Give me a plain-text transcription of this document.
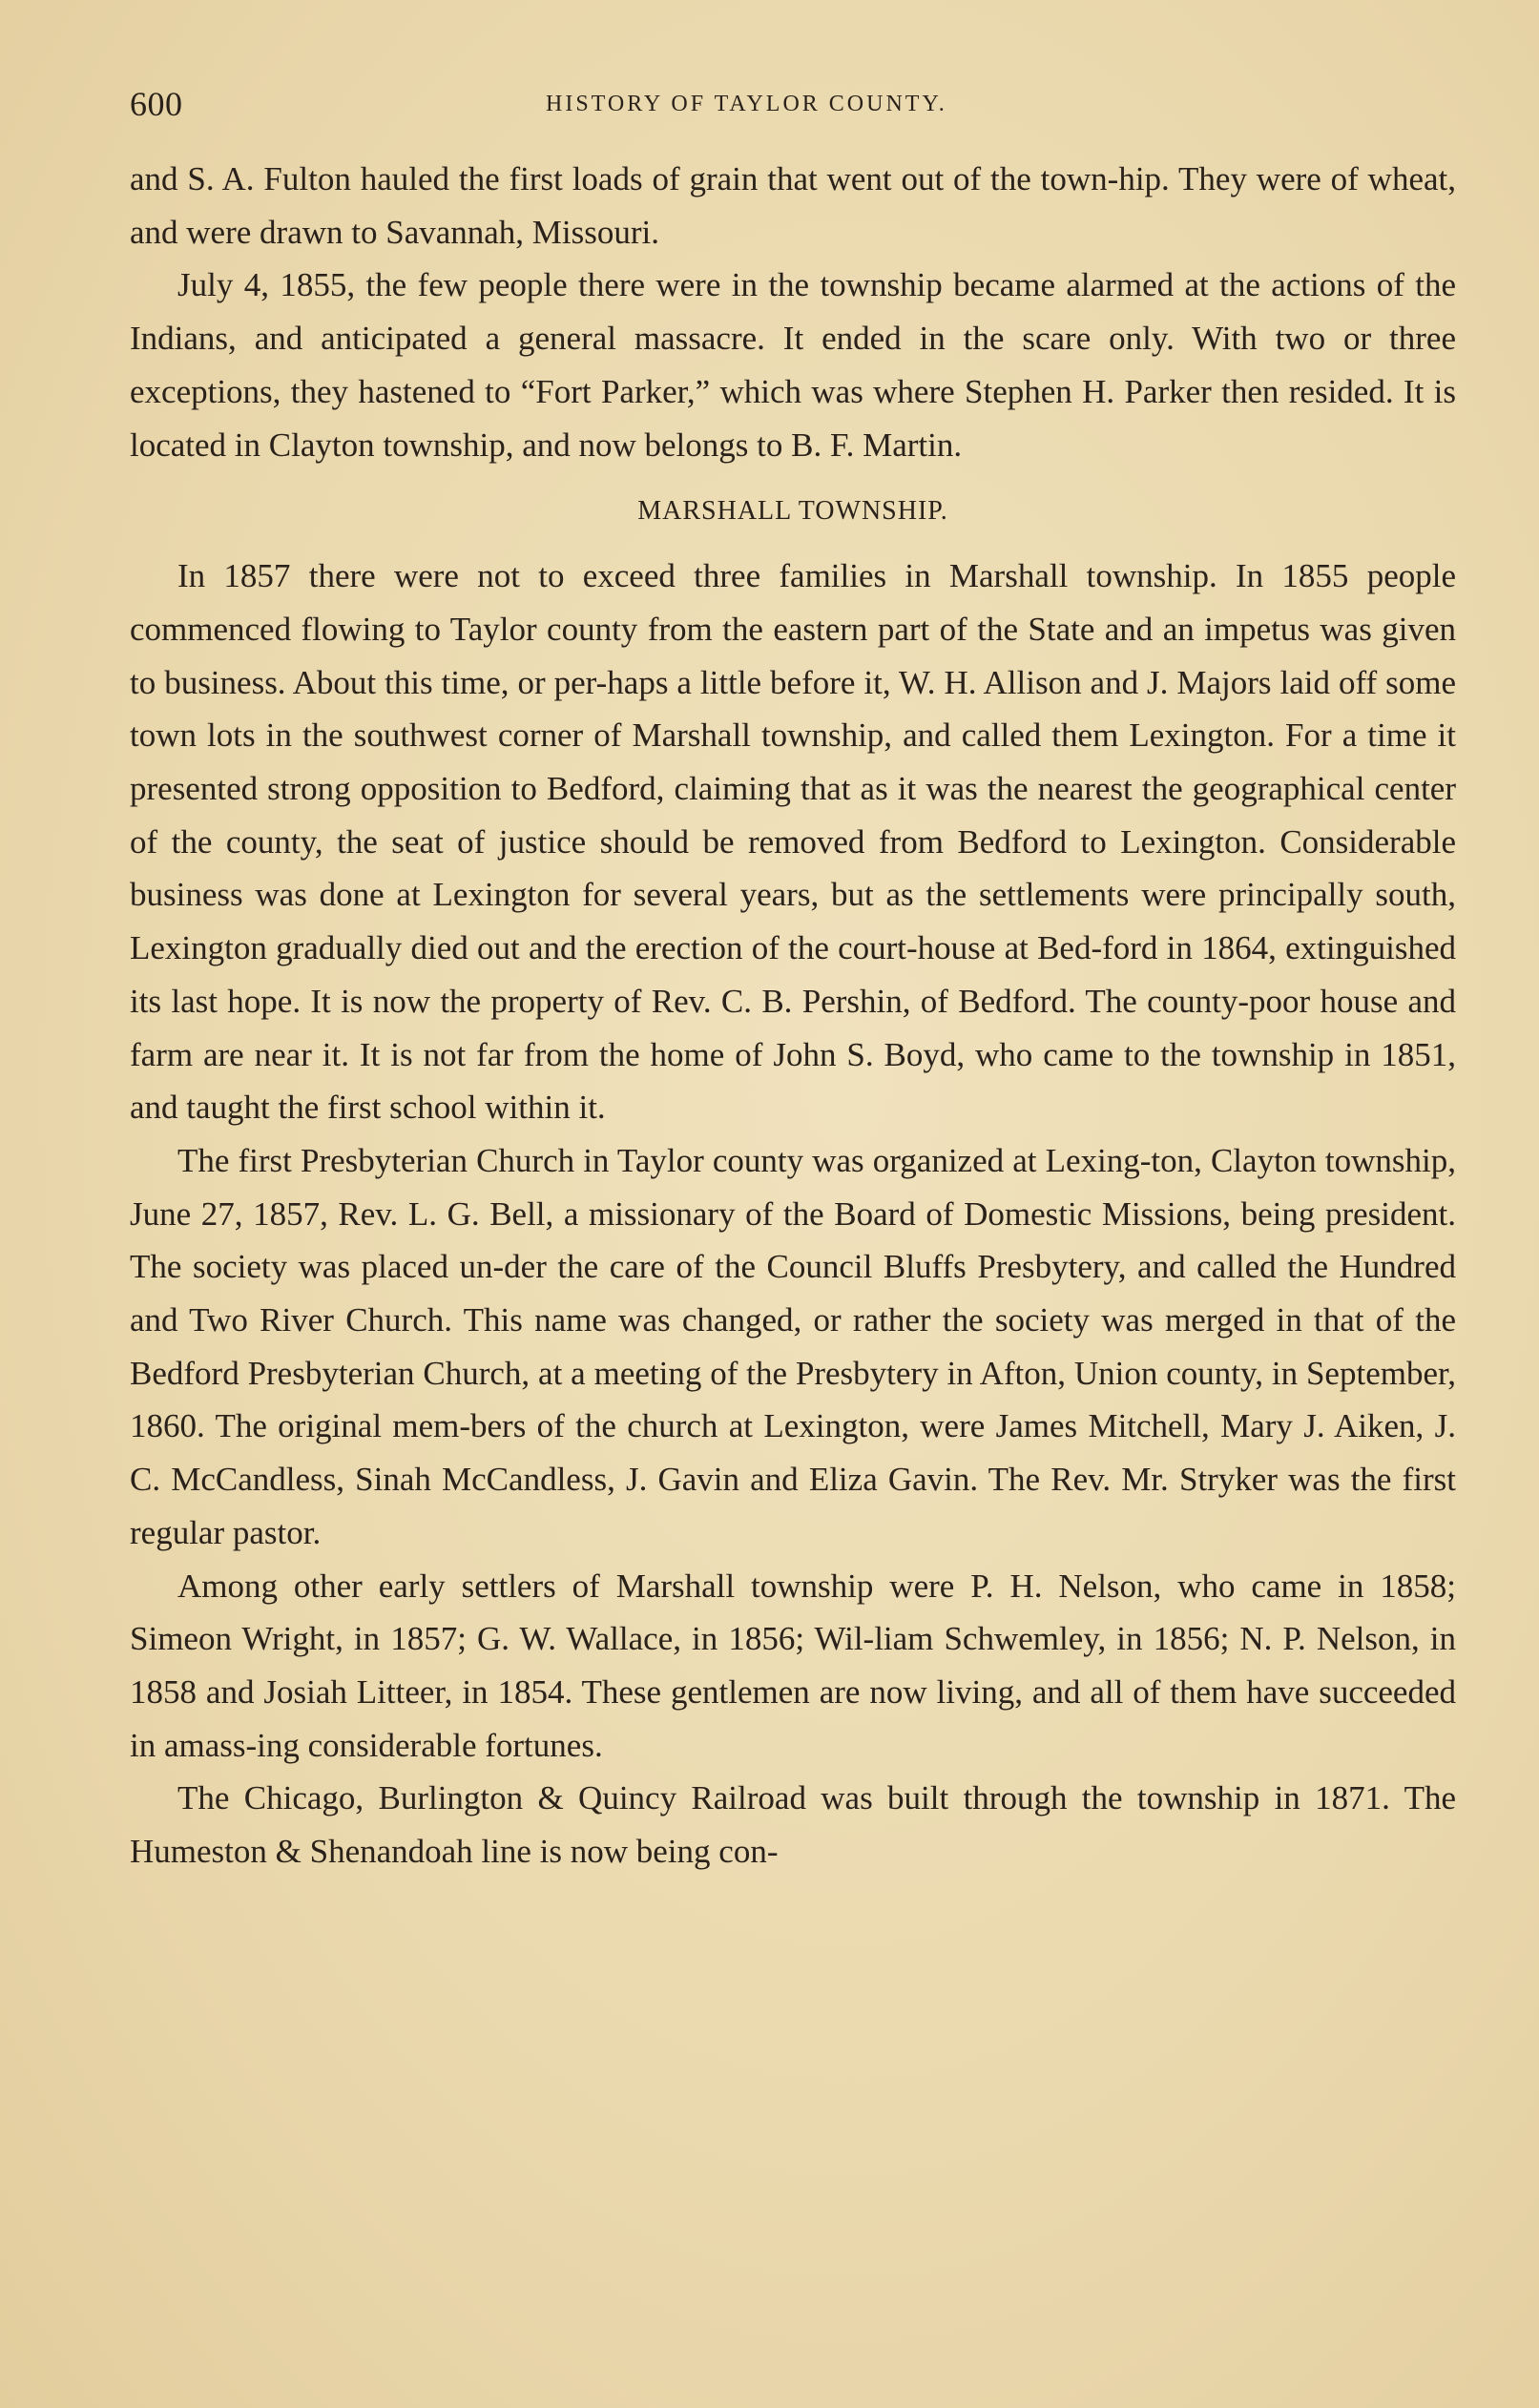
600	HISTORY OF TAYLOR COUNTY.

and S. A. Fulton hauled the first loads of grain that went out of the town-hip. They were of wheat, and were drawn to Savannah, Missouri.

July 4, 1855, the few people there were in the township became alarmed at the actions of the Indians, and anticipated a general massacre. It ended in the scare only. With two or three exceptions, they hastened to “Fort Parker,” which was where Stephen H. Parker then resided. It is located in Clayton township, and now belongs to B. F. Martin.

MARSHALL TOWNSHIP.

In 1857 there were not to exceed three families in Marshall township. In 1855 people commenced flowing to Taylor county from the eastern part of the State and an impetus was given to business. About this time, or per-haps a little before it, W. H. Allison and J. Majors laid off some town lots in the southwest corner of Marshall township, and called them Lexington. For a time it presented strong opposition to Bedford, claiming that as it was the nearest the geographical center of the county, the seat of justice should be removed from Bedford to Lexington. Considerable business was done at Lexington for several years, but as the settlements were principally south, Lexington gradually died out and the erection of the court-house at Bed-ford in 1864, extinguished its last hope. It is now the property of Rev. C. B. Pershin, of Bedford. The county-poor house and farm are near it. It is not far from the home of John S. Boyd, who came to the township in 1851, and taught the first school within it.

The first Presbyterian Church in Taylor county was organized at Lexing-ton, Clayton township, June 27, 1857, Rev. L. G. Bell, a missionary of the Board of Domestic Missions, being president. The society was placed un-der the care of the Council Bluffs Presbytery, and called the Hundred and Two River Church. This name was changed, or rather the society was merged in that of the Bedford Presbyterian Church, at a meeting of the Presbytery in Afton, Union county, in September, 1860. The original mem-bers of the church at Lexington, were James Mitchell, Mary J. Aiken, J. C. McCandless, Sinah McCandless, J. Gavin and Eliza Gavin. The Rev. Mr. Stryker was the first regular pastor.

Among other early settlers of Marshall township were P. H. Nelson, who came in 1858; Simeon Wright, in 1857; G. W. Wallace, in 1856; Wil-liam Schwemley, in 1856; N. P. Nelson, in 1858 and Josiah Litteer, in 1854. These gentlemen are now living, and all of them have succeeded in amass-ing considerable fortunes.

The Chicago, Burlington & Quincy Railroad was built through the township in 1871. The Humeston & Shenandoah line is now being con-
